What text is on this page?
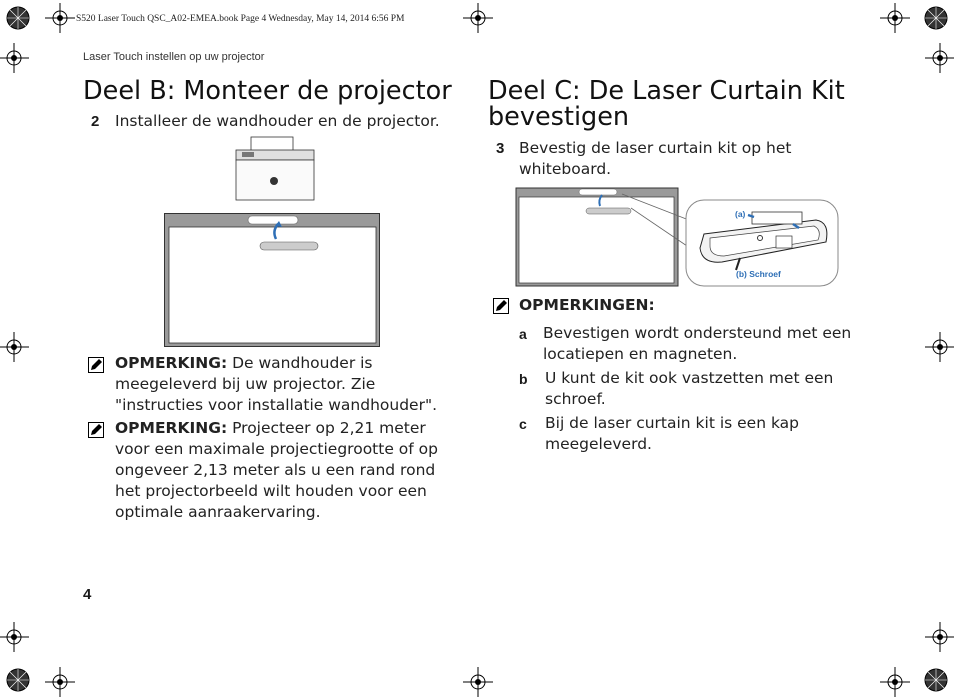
S520 Laser Touch QSC_A02-EMEA.book Page 4 Wednesday, May 14, 2014 6:56 PM
Laser Touch instellen op uw projector
Deel B: Monteer de projector
2 Installeer de wandhouder en de projector.
OPMERKING: De wandhouder is
meegeleverd bij uw projector. Zie
"instructies voor installatie wandhouder".
OPMERKING: Projecteer op 2,21 meter
voor een maximale projectiegrootte of op
ongeveer 2,13 meter als u een rand rond
het projectorbeeld wilt houden voor een
optimale aanraakervaring.
Deel C: De Laser Curtain Kit
bevestigen
3 Bevestig de laser curtain kit op het
whiteboard.
(a)
(b) Schroef
OPMERKINGEN:
a Bevestigen wordt ondersteund met een
locatiepen en magneten.
b U kunt de kit ook vastzetten met een
schroef.
c Bij de laser curtain kit is een kap
meegeleverd.
4
